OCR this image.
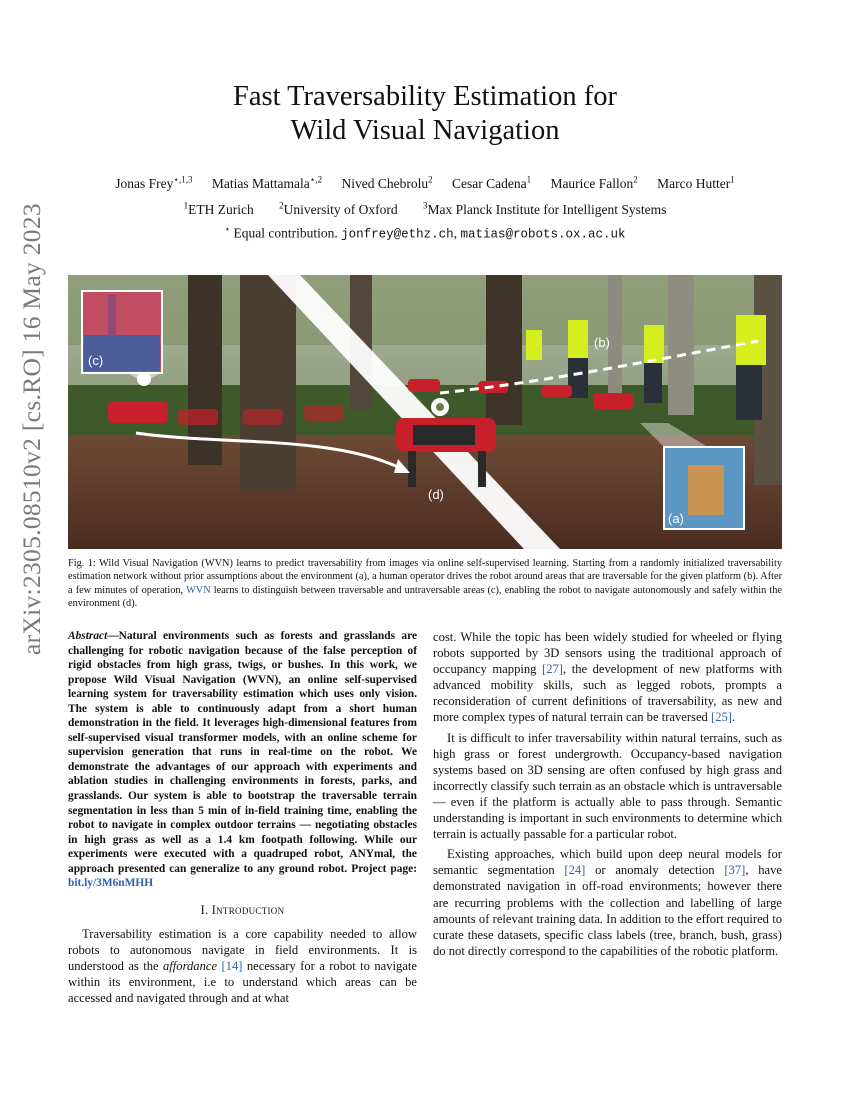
arXiv:2305.08510v2 [cs.RO] 16 May 2023
Fast Traversability Estimation for
Wild Visual Navigation
Jonas Frey$^{⋆,1,3}$ Matias Mattamala$^{⋆,2}$ Nived Chebrolu$^2$ Cesar Cadena$^1$ Maurice Fallon$^2$ Marco Hutter$^1$
$^1$ETH Zurich	$^2$University of Oxford	$^3$Max Planck Institute for Intelligent Systems
⋆ Equal contribution. jonfrey@ethz.ch, matias@robots.ox.ac.uk
(c)
(b)
(d)
(a)
Fig. 1: Wild Visual Navigation (WVN) learns to predict traversability from images via online self-supervised learning. Starting from a randomly initialized traversability estimation network without prior assumptions about the environment (a), a human operator drives the robot around areas that are traversable for the given platform (b). After a few minutes of operation, WVN learns to distinguish between traversable and untraversable areas (c), enabling the robot to navigate autonomously and safely within the environment (d).

Abstract—Natural environments such as forests and grasslands are challenging for robotic navigation because of the false perception of rigid obstacles from high grass, twigs, or bushes. In this work, we propose Wild Visual Navigation (WVN), an online self-supervised learning system for traversability estimation which uses only vision. The system is able to continuously adapt from a short human demonstration in the field. It leverages high-dimensional features from self-supervised visual transformer models, with an online scheme for supervision generation that runs in real-time on the robot. We demonstrate the advantages of our approach with experiments and ablation studies in challenging environments in forests, parks, and grasslands. Our system is able to bootstrap the traversable terrain segmentation in less than 5 min of in-field training time, enabling the robot to navigate in complex outdoor terrains — negotiating obstacles in high grass as well as a 1.4 km footpath following. While our experiments were executed with a quadruped robot, ANYmal, the approach presented can generalize to any ground robot. Project page: bit.ly/3M6nMHH

I. Introduction

Traversability estimation is a core capability needed to allow robots to autonomous navigate in field environments. It is understood as the affordance [14] necessary for a robot to navigate within its environment, i.e to understand which areas can be accessed and navigated through and at what

cost. While the topic has been widely studied for wheeled or flying robots supported by 3D sensors using the traditional approach of occupancy mapping [27], the development of new platforms with advanced mobility skills, such as legged robots, prompts a reconsideration of current definitions of traversability, as new and more complex types of natural terrain can be traversed [25].

It is difficult to infer traversability within natural terrains, such as high grass or forest undergrowth. Occupancy-based navigation systems based on 3D sensing are often confused by high grass and incorrectly classify such terrain as an obstacle which is untraversable — even if the platform is actually able to pass through. Semantic understanding is important in such environments to determine which terrain is actually passable for a particular robot.

Existing approaches, which build upon deep neural models for semantic segmentation [24] or anomaly detection [37], have demonstrated navigation in off-road environments; however there are recurring problems with the collection and labelling of large amounts of relevant training data. In addition to the effort required to curate these datasets, specific class labels (tree, branch, bush, grass) do not directly correspond to the capabilities of the robotic platform.
